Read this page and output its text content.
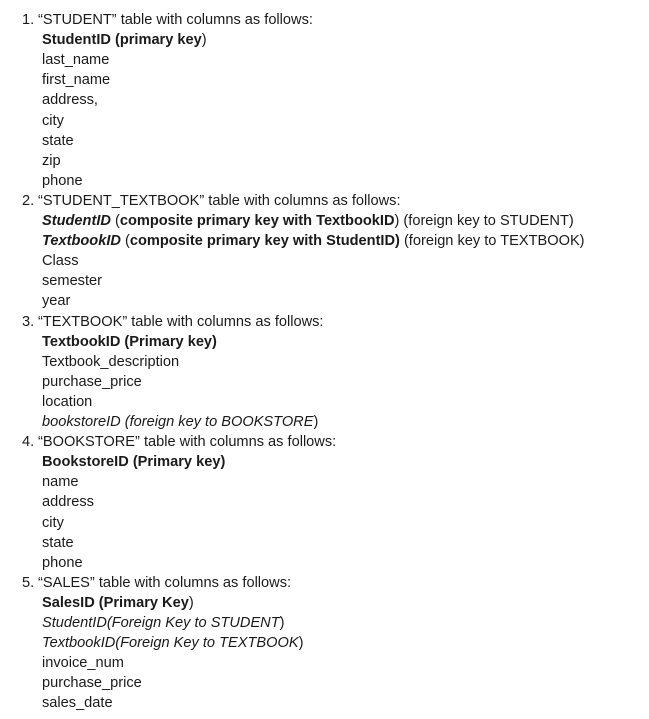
1. “STUDENT” table with columns as follows:
StudentID (primary key)
last_name
first_name
address,
city
state
zip
phone
2. “STUDENT_TEXTBOOK” table with columns as follows:
StudentID (composite primary key with TextbookID) (foreign key to STUDENT)
TextbookID (composite primary key with StudentID) (foreign key to TEXTBOOK)
Class
semester
year
3. “TEXTBOOK” table with columns as follows:
TextbookID (Primary key)
Textbook_description
purchase_price
location
bookstoreID (foreign key to BOOKSTORE)
4. “BOOKSTORE” table with columns as follows:
BookstoreID (Primary key)
name
address
city
state
phone
5. “SALES” table with columns as follows:
SalesID (Primary Key)
StudentID(Foreign Key to STUDENT)
TextbookID(Foreign Key to TEXTBOOK)
invoice_num
purchase_price
sales_date
